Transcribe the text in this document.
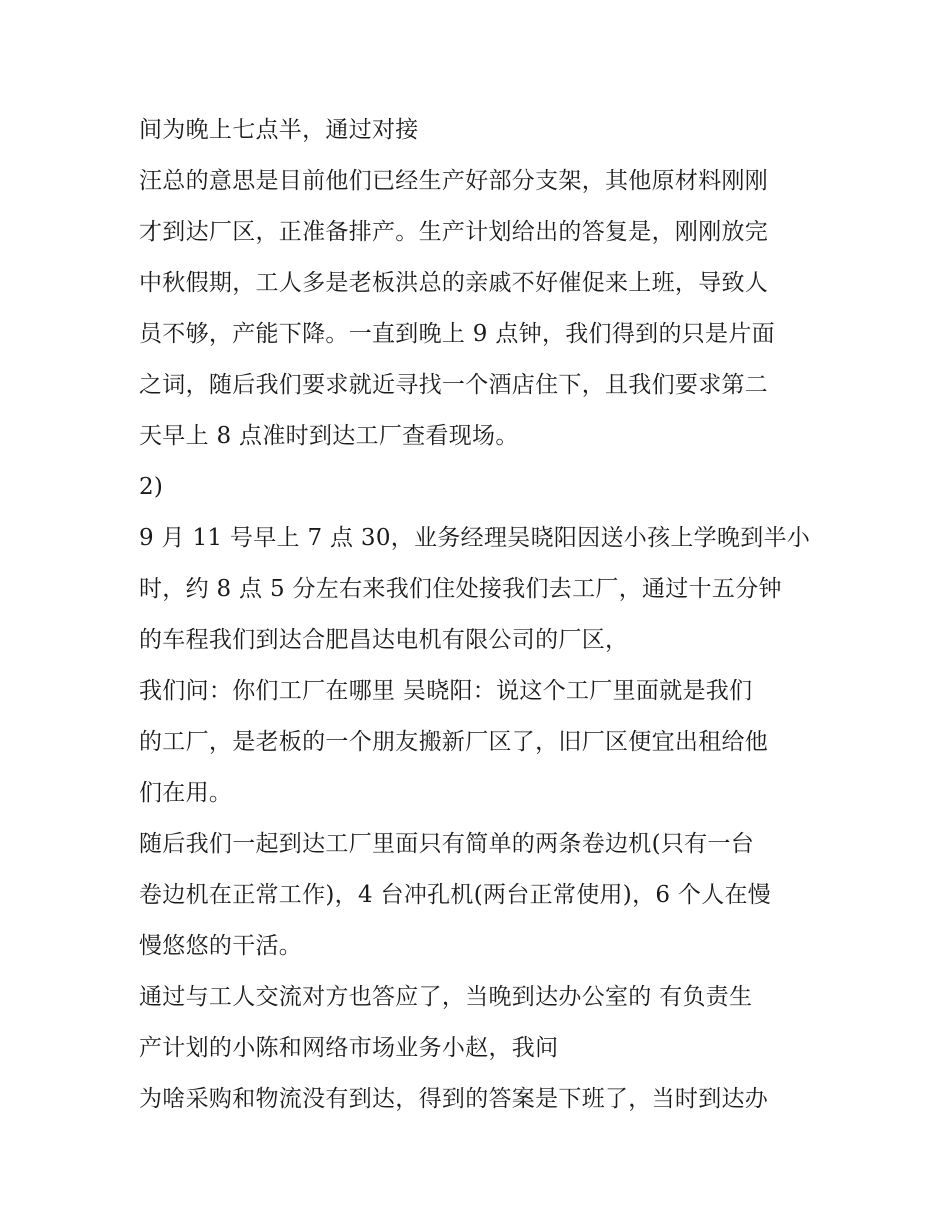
间为晚上七点半，通过对接
汪总的意思是目前他们已经生产好部分支架，其他原材料刚刚
才到达厂区，正准备排产。生产计划给出的答复是，刚刚放完
中秋假期，工人多是老板洪总的亲戚不好催促来上班，导致人
员不够，产能下降。一直到晚上 9 点钟，我们得到的只是片面
之词，随后我们要求就近寻找一个酒店住下，且我们要求第二
天早上 8 点准时到达工厂查看现场。
2)
9 月 11 号早上 7 点 30，业务经理吴晓阳因送小孩上学晚到半小
时，约 8 点 5 分左右来我们住处接我们去工厂，通过十五分钟
的车程我们到达合肥昌达电机有限公司的厂区，
我们问：你们工厂在哪里 吴晓阳：说这个工厂里面就是我们
的工厂，是老板的一个朋友搬新厂区了，旧厂区便宜出租给他
们在用。
随后我们一起到达工厂里面只有简单的两条卷边机(只有一台
卷边机在正常工作)，4 台冲孔机(两台正常使用)，6 个人在慢
慢悠悠的干活。
通过与工人交流对方也答应了，当晚到达办公室的 有负责生
产计划的小陈和网络市场业务小赵，我问
为啥采购和物流没有到达，得到的答案是下班了，当时到达办
